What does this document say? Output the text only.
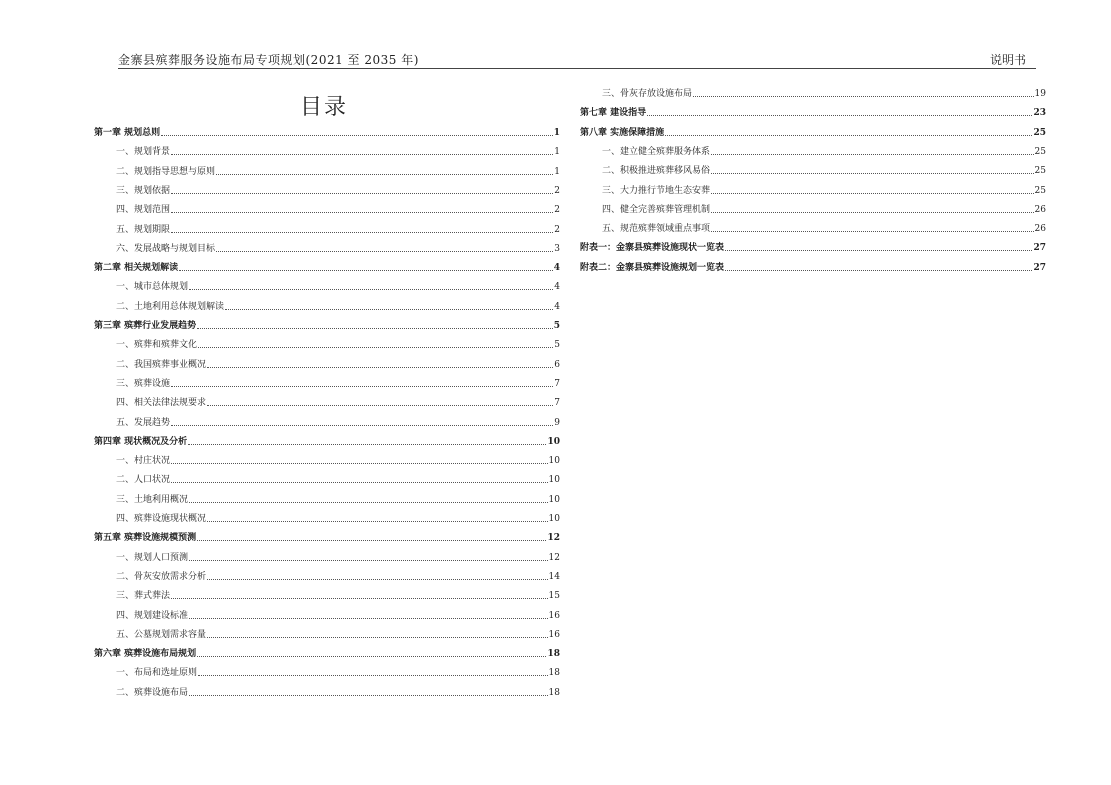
金寨县殡葬服务设施布局专项规划(2021 至 2035 年)	说明书
目录
第一章 规划总则	1
一、规划背景	1
二、规划指导思想与原则	1
三、规划依据	2
四、规划范围	2
五、规划期限	2
六、发展战略与规划目标	3
第二章 相关规划解读	4
一、城市总体规划	4
二、土地利用总体规划解读	4
第三章 殡葬行业发展趋势	5
一、殡葬和殡葬文化	5
二、我国殡葬事业概况	6
三、殡葬设施	7
四、相关法律法规要求	7
五、发展趋势	9
第四章 现状概况及分析	10
一、村庄状况	10
二、人口状况	10
三、土地利用概况	10
四、殡葬设施现状概况	10
第五章 殡葬设施规模预测	12
一、规划人口预测	12
二、骨灰安放需求分析	14
三、葬式葬法	15
四、规划建设标准	16
五、公墓规划需求容量	16
第六章 殡葬设施布局规划	18
一、布局和选址原则	18
二、殡葬设施布局	18
三、骨灰存放设施布局	19
第七章 建设指导	23
第八章 实施保障措施	25
一、建立健全殡葬服务体系	25
二、积极推进殡葬移风易俗	25
三、大力推行节地生态安葬	25
四、健全完善殡葬管理机制	26
五、规范殡葬领域重点事项	26
附表一：金寨县殡葬设施现状一览表	27
附表二：金寨县殡葬设施规划一览表	27
